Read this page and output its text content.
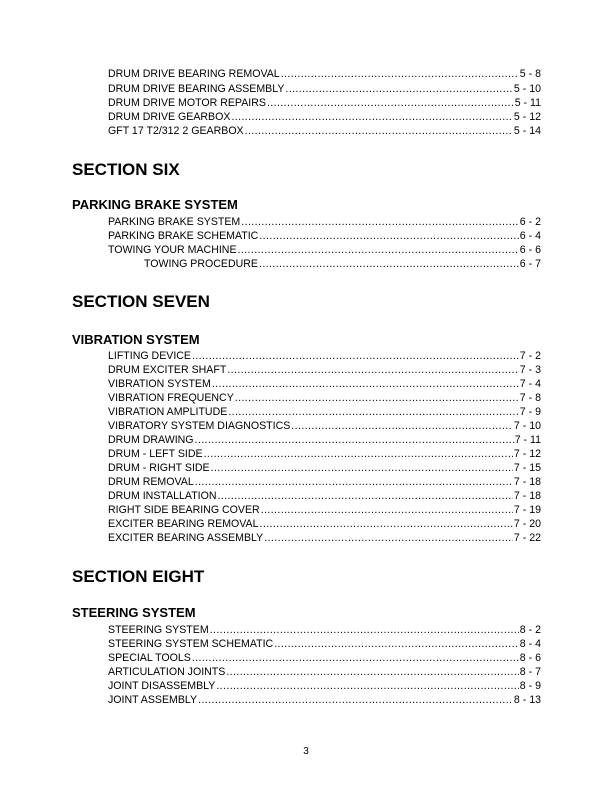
DRUM DRIVE BEARING REMOVAL .....	5 - 8
DRUM DRIVE BEARING ASSEMBLY .....	5 - 10
DRUM DRIVE MOTOR REPAIRS .....	5 - 11
DRUM DRIVE GEARBOX .....	5 - 12
GFT 17 T2/312 2 GEARBOX .....	5 - 14
SECTION SIX
PARKING BRAKE SYSTEM
PARKING BRAKE SYSTEM .....	6 - 2
PARKING BRAKE SCHEMATIC .....	6 - 4
TOWING YOUR MACHINE .....	6 - 6
TOWING PROCEDURE .....	6 - 7
SECTION SEVEN
VIBRATION SYSTEM
LIFTING DEVICE .....	7 - 2
DRUM EXCITER SHAFT .....	7 - 3
VIBRATION SYSTEM .....	7 - 4
VIBRATION FREQUENCY .....	7 - 8
VIBRATION AMPLITUDE .....	7 - 9
VIBRATORY SYSTEM DIAGNOSTICS .....	7 - 10
DRUM DRAWING .....	7 - 11
DRUM - LEFT SIDE .....	7 - 12
DRUM - RIGHT SIDE .....	7 - 15
DRUM REMOVAL .....	7 - 18
DRUM INSTALLATION .....	7 - 18
RIGHT SIDE BEARING COVER .....	7 - 19
EXCITER BEARING REMOVAL .....	7 - 20
EXCITER BEARING ASSEMBLY .....	7 - 22
SECTION EIGHT
STEERING SYSTEM
STEERING SYSTEM .....	8 - 2
STEERING SYSTEM SCHEMATIC .....	8 - 4
SPECIAL TOOLS .....	8 - 6
ARTICULATION JOINTS .....	8 - 7
JOINT DISASSEMBLY .....	8 - 9
JOINT ASSEMBLY .....	8 - 13
3
